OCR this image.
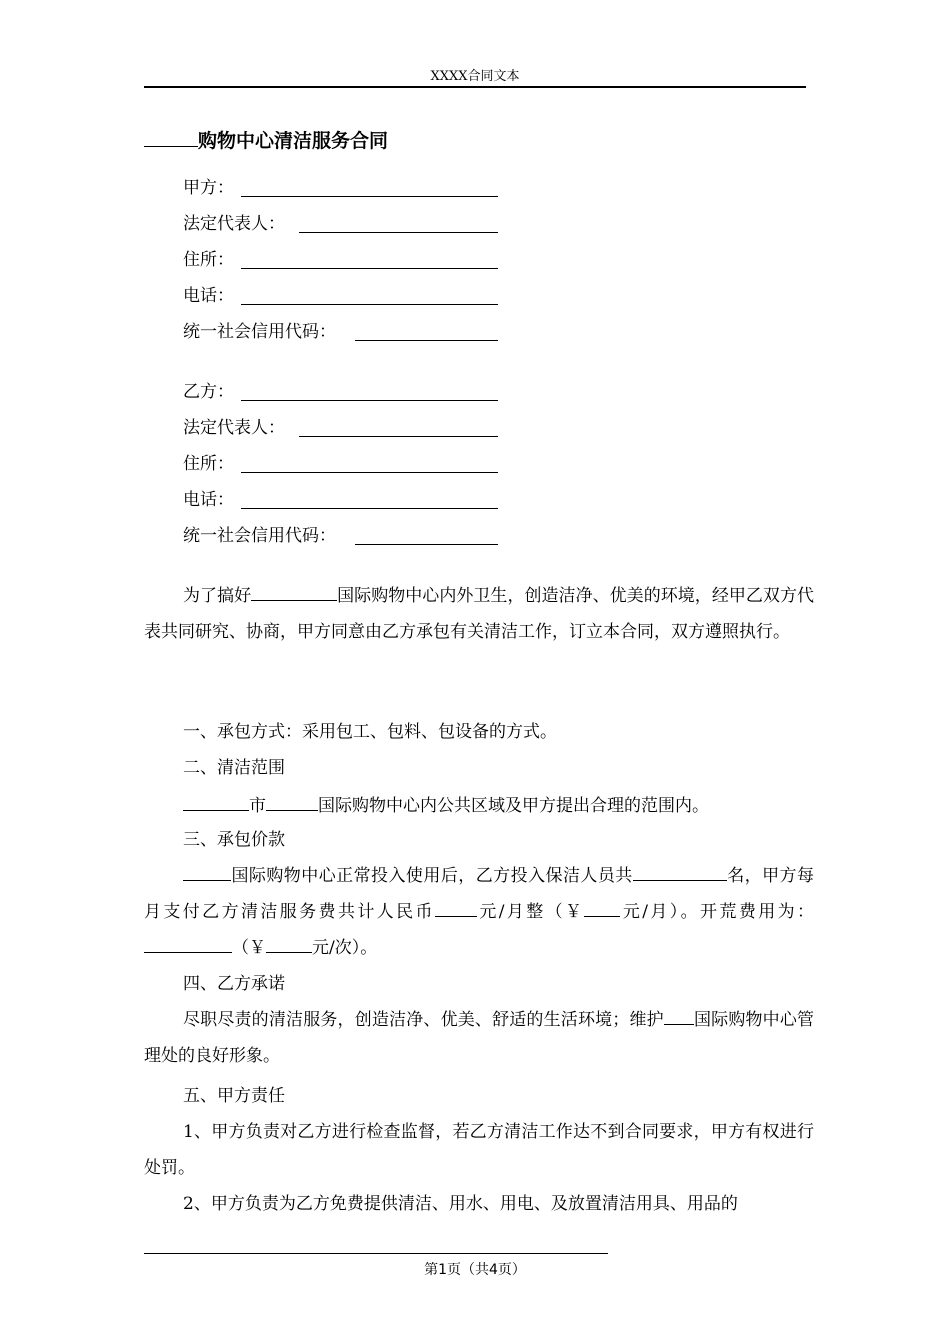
XXXX合同文本
购物中心清洁服务合同
甲方：
法定代表人：
住所：
电话：
统一社会信用代码：
乙方：
法定代表人：
住所：
电话：
统一社会信用代码：

为了搞好	国际购物中心内外卫生，创造洁净、优美的环境，经甲乙双方代表共同研究、协商，甲方同意由乙方承包有关清洁工作，订立本合同，双方遵照执行。

一、承包方式：采用包工、包料、包设备的方式。
二、清洁范围
市	国际购物中心内公共区域及甲方提出合理的范围内。
三、承包价款

国际购物中心正常投入使用后，乙方投入保洁人员共	名，甲方每月支付乙方清洁服务费共计人民币 元/月整（￥ 元/月）。开荒费用为：（￥	元/次）。

四、乙方承诺

尽职尽责的清洁服务，创造洁净、优美、舒适的生活环境；维护 国际购物中心管理处的良好形象。

五、甲方责任

1、甲方负责对乙方进行检查监督，若乙方清洁工作达不到合同要求，甲方有权进行处罚。

2、甲方负责为乙方免费提供清洁、用水、用电、及放置清洁用具、用品的

第1页（共4页）
